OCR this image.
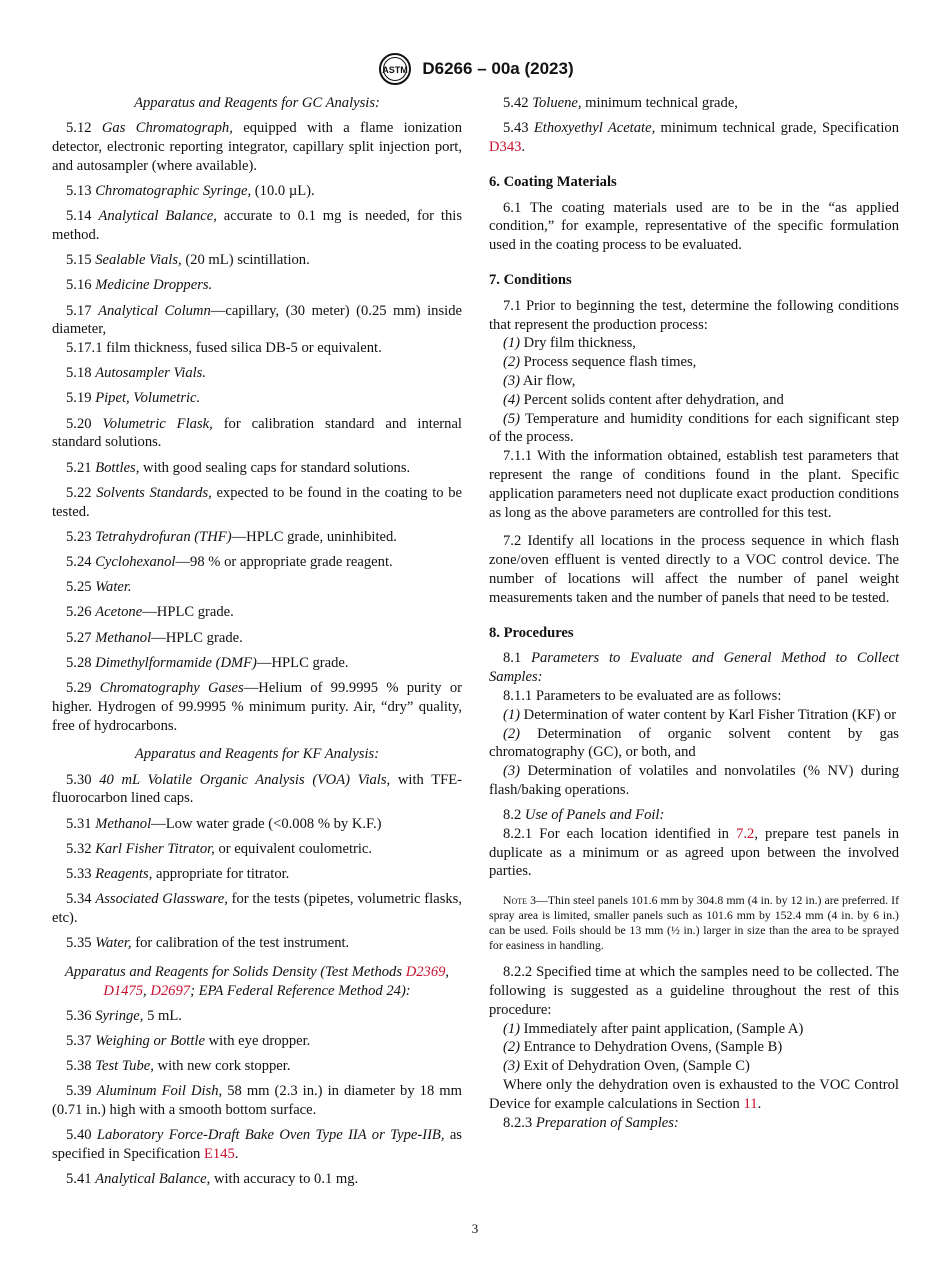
ASTM D6266 – 00a (2023)

Apparatus and Reagents for GC Analysis:

5.12 Gas Chromatograph, equipped with a flame ionization detector, electronic reporting integrator, capillary split injection port, and autosampler (where available).

5.13 Chromatographic Syringe, (10.0 µL).

5.14 Analytical Balance, accurate to 0.1 mg is needed, for this method.

5.15 Sealable Vials, (20 mL) scintillation.

5.16 Medicine Droppers.

5.17 Analytical Column—capillary, (30 meter) (0.25 mm) inside diameter,

5.17.1 film thickness, fused silica DB-5 or equivalent.

5.18 Autosampler Vials.

5.19 Pipet, Volumetric.

5.20 Volumetric Flask, for calibration standard and internal standard solutions.

5.21 Bottles, with good sealing caps for standard solutions.

5.22 Solvents Standards, expected to be found in the coating to be tested.

5.23 Tetrahydrofuran (THF)—HPLC grade, uninhibited.

5.24 Cyclohexanol—98 % or appropriate grade reagent.

5.25 Water.

5.26 Acetone—HPLC grade.

5.27 Methanol—HPLC grade.

5.28 Dimethylformamide (DMF)—HPLC grade.

5.29 Chromatography Gases—Helium of 99.9995 % purity or higher. Hydrogen of 99.9995 % minimum purity. Air, “dry” quality, free of hydrocarbons.

Apparatus and Reagents for KF Analysis:

5.30 40 mL Volatile Organic Analysis (VOA) Vials, with TFE-fluorocarbon lined caps.

5.31 Methanol—Low water grade (<0.008 % by K.F.)

5.32 Karl Fisher Titrator, or equivalent coulometric.

5.33 Reagents, appropriate for titrator.

5.34 Associated Glassware, for the tests (pipetes, volumetric flasks, etc).

5.35 Water, for calibration of the test instrument.

Apparatus and Reagents for Solids Density (Test Methods D2369, D1475, D2697; EPA Federal Reference Method 24):

5.36 Syringe, 5 mL.

5.37 Weighing or Bottle with eye dropper.

5.38 Test Tube, with new cork stopper.

5.39 Aluminum Foil Dish, 58 mm (2.3 in.) in diameter by 18 mm (0.71 in.) high with a smooth bottom surface.

5.40 Laboratory Force-Draft Bake Oven Type IIA or Type-IIB, as specified in Specification E145.

5.41 Analytical Balance, with accuracy to 0.1 mg.

5.42 Toluene, minimum technical grade,

5.43 Ethoxyethyl Acetate, minimum technical grade, Specification D343.

6. Coating Materials

6.1 The coating materials used are to be in the “as applied condition,” for example, representative of the specific formulation used in the coating process to be evaluated.

7. Conditions

7.1 Prior to beginning the test, determine the following conditions that represent the production process:

(1) Dry film thickness,

(2) Process sequence flash times,

(3) Air flow,

(4) Percent solids content after dehydration, and

(5) Temperature and humidity conditions for each significant step of the process.

7.1.1 With the information obtained, establish test parameters that represent the range of conditions found in the plant. Specific application parameters need not duplicate exact production conditions as long as the above parameters are controlled for this test.

7.2 Identify all locations in the process sequence in which flash zone/oven effluent is vented directly to a VOC control device. The number of locations will affect the number of panel weight measurements taken and the number of panels that need to be tested.

8. Procedures

8.1 Parameters to Evaluate and General Method to Collect Samples:

8.1.1 Parameters to be evaluated are as follows:

(1) Determination of water content by Karl Fisher Titration (KF) or

(2) Determination of organic solvent content by gas chromatography (GC), or both, and

(3) Determination of volatiles and nonvolatiles (% NV) during flash/baking operations.

8.2 Use of Panels and Foil:

8.2.1 For each location identified in 7.2, prepare test panels in duplicate as a minimum or as agreed upon between the involved parties.

Note 3—Thin steel panels 101.6 mm by 304.8 mm (4 in. by 12 in.) are preferred. If spray area is limited, smaller panels such as 101.6 mm by 152.4 mm (4 in. by 6 in.) can be used. Foils should be 13 mm (½ in.) larger in size than the area to be sprayed for easiness in handling.

8.2.2 Specified time at which the samples need to be collected. The following is suggested as a guideline throughout the rest of this procedure:

(1) Immediately after paint application, (Sample A)

(2) Entrance to Dehydration Ovens, (Sample B)

(3) Exit of Dehydration Oven, (Sample C)

Where only the dehydration oven is exhausted to the VOC Control Device for example calculations in Section 11.

8.2.3 Preparation of Samples:

3
